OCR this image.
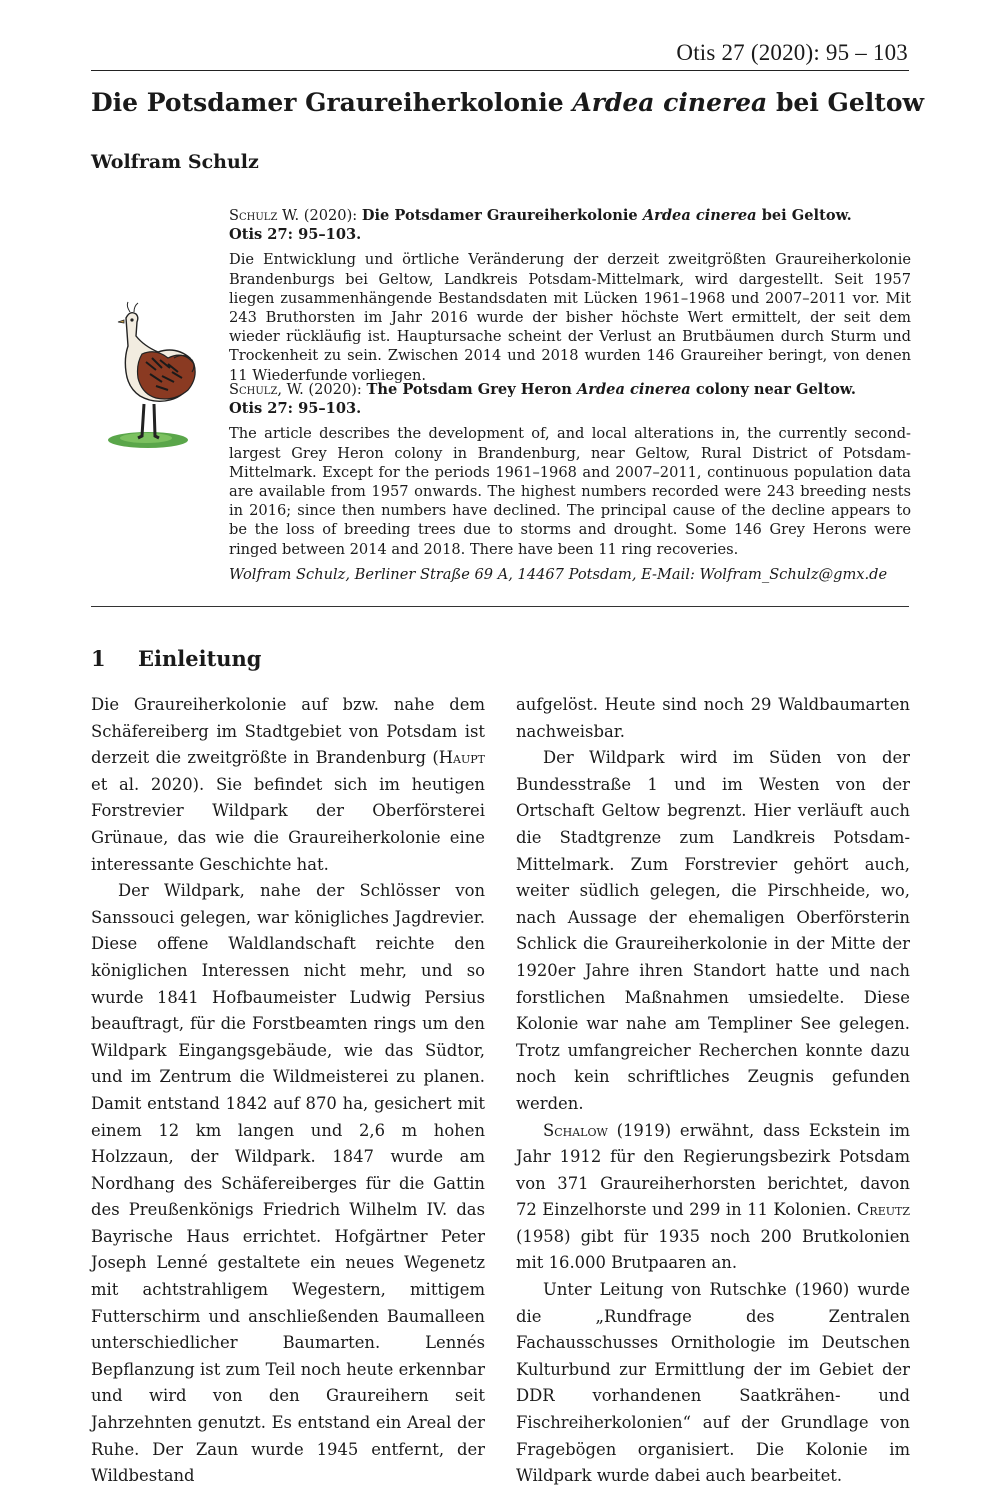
Otis 27 (2020): 95 – 103
Die Potsdamer Graureiherkolonie Ardea cinerea bei Geltow
Wolfram Schulz

Schulz W. (2020): Die Potsdamer Graureiherkolonie Ardea cinerea bei Geltow.
Otis 27: 95–103.

Die Entwicklung und örtliche Veränderung der derzeit zweitgrößten Graureiherkolonie Brandenburgs bei Geltow, Landkreis Potsdam-Mittelmark, wird dargestellt. Seit 1957 liegen zusammenhängende Bestandsdaten mit Lücken 1961–1968 und 2007–2011 vor. Mit 243 Bruthorsten im Jahr 2016 wurde der bisher höchste Wert ermittelt, der seit dem wieder rückläufig ist. Hauptursache scheint der Verlust an Brutbäumen durch Sturm und Trockenheit zu sein. Zwischen 2014 und 2018 wurden 146 Graureiher beringt, von denen 11 Wiederfunde vorliegen.

Schulz, W. (2020): The Potsdam Grey Heron Ardea cinerea colony near Geltow.
Otis 27: 95–103.

The article describes the development of, and local alterations in, the currently second-largest Grey Heron colony in Brandenburg, near Geltow, Rural District of Potsdam-Mittelmark. Except for the periods 1961–1968 and 2007–2011, continuous population data are available from 1957 onwards. The highest numbers recorded were 243 breeding nests in 2016; since then numbers have declined. The principal cause of the decline appears to be the loss of breeding trees due to storms and drought. Some 146 Grey Herons were ringed between 2014 and 2018. There have been 11 ring recoveries.

Wolfram Schulz, Berliner Straße 69 A, 14467 Potsdam, E-Mail: Wolfram_Schulz@gmx.de

1 Einleitung

Die Graureiherkolonie auf bzw. nahe dem Schäfereiberg im Stadtgebiet von Potsdam ist derzeit die zweitgrößte in Brandenburg (Haupt et al. 2020). Sie befindet sich im heutigen Forstrevier Wildpark der Oberförsterei Grünaue, das wie die Graureiherkolonie eine interessante Geschichte hat.

Der Wildpark, nahe der Schlösser von Sanssouci gelegen, war königliches Jagdrevier. Diese offene Waldlandschaft reichte den königlichen Interessen nicht mehr, und so wurde 1841 Hofbaumeister Ludwig Persius beauftragt, für die Forstbeamten rings um den Wildpark Eingangsgebäude, wie das Südtor, und im Zentrum die Wildmeisterei zu planen. Damit entstand 1842 auf 870 ha, gesichert mit einem 12 km langen und 2,6 m hohen Holzzaun, der Wildpark. 1847 wurde am Nordhang des Schäfereiberges für die Gattin des Preußenkönigs Friedrich Wilhelm IV. das Bayrische Haus errichtet. Hofgärtner Peter Joseph Lenné gestaltete ein neues Wegenetz mit achtstrahligem Wegestern, mittigem Futterschirm und anschließenden Baumalleen unterschiedlicher Baumarten. Lennés Bepflanzung ist zum Teil noch heute erkennbar und wird von den Graureihern seit Jahrzehnten genutzt. Es entstand ein Areal der Ruhe. Der Zaun wurde 1945 entfernt, der Wildbestand

aufgelöst. Heute sind noch 29 Waldbaumarten nachweisbar.

Der Wildpark wird im Süden von der Bundesstraße 1 und im Westen von der Ortschaft Geltow begrenzt. Hier verläuft auch die Stadtgrenze zum Landkreis Potsdam-Mittelmark. Zum Forstrevier gehört auch, weiter südlich gelegen, die Pirschheide, wo, nach Aussage der ehemaligen Oberförsterin Schlick die Graureiherkolonie in der Mitte der 1920er Jahre ihren Standort hatte und nach forstlichen Maßnahmen umsiedelte. Diese Kolonie war nahe am Templiner See gelegen. Trotz umfangreicher Recherchen konnte dazu noch kein schriftliches Zeugnis gefunden werden.

Schalow (1919) erwähnt, dass Eckstein im Jahr 1912 für den Regierungsbezirk Potsdam von 371 Graureiherhorsten berichtet, davon 72 Einzelhorste und 299 in 11 Kolonien. Creutz (1958) gibt für 1935 noch 200 Brutkolonien mit 16.000 Brutpaaren an.

Unter Leitung von Rutschke (1960) wurde die „Rundfrage des Zentralen Fachausschusses Ornithologie im Deutschen Kulturbund zur Ermittlung der im Gebiet der DDR vorhandenen Saatkrähen- und Fischreiherkolonien“ auf der Grundlage von Fragebögen organisiert. Die Kolonie im Wildpark wurde dabei auch bearbeitet.
